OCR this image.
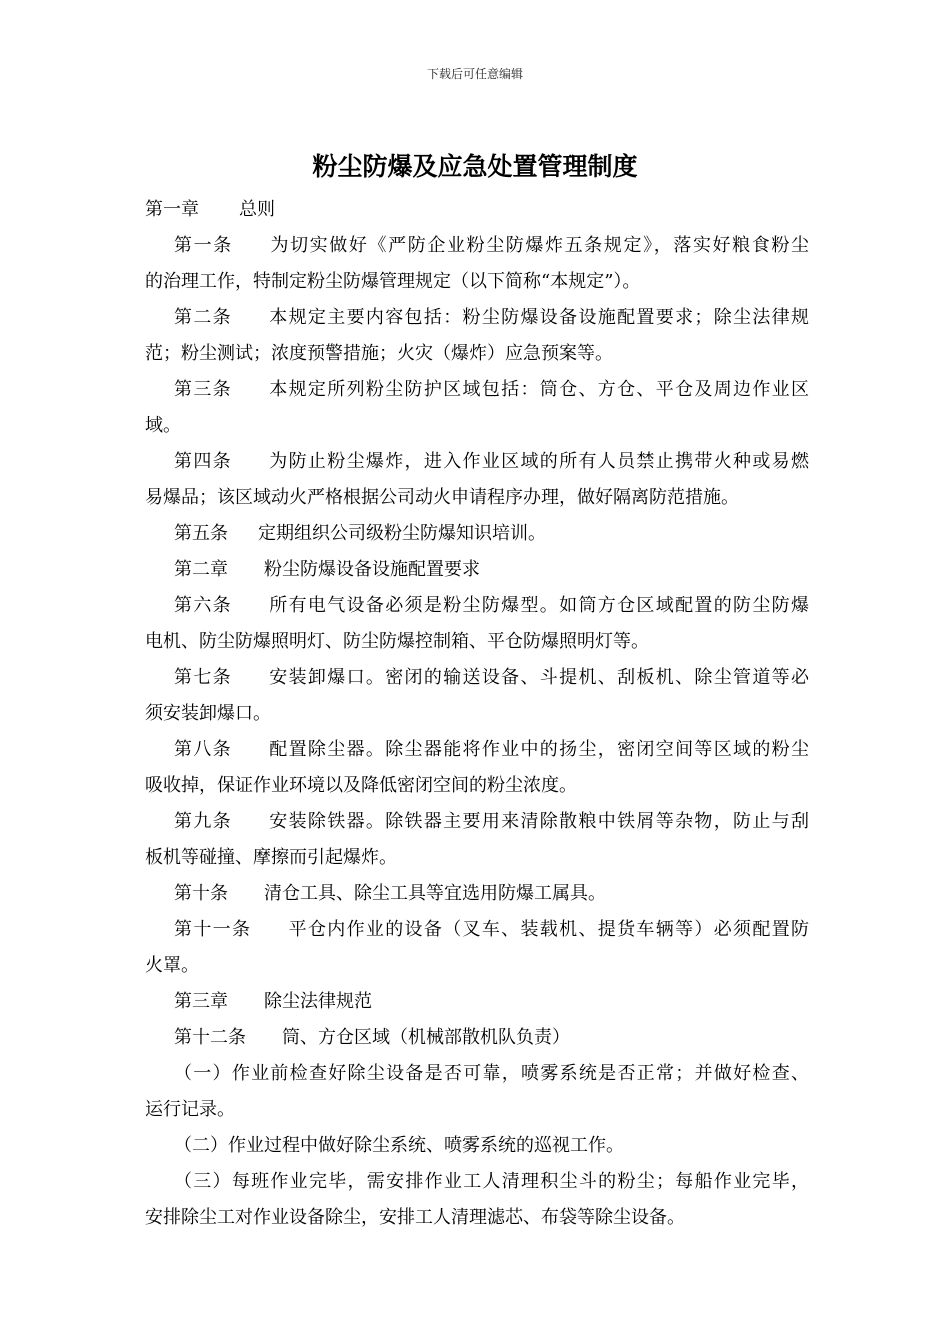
下载后可任意编辑
粉尘防爆及应急处置管理制度
第一章 总则
第一条 为切实做好《严防企业粉尘防爆炸五条规定》，落实好粮食粉尘
的治理工作，特制定粉尘防爆管理规定（以下简称“本规定”）。
第二条 本规定主要内容包括：粉尘防爆设备设施配置要求；除尘法律规
范；粉尘测试；浓度预警措施；火灾（爆炸）应急预案等。
第三条 本规定所列粉尘防护区域包括：筒仓、方仓、平仓及周边作业区
域。
第四条 为防止粉尘爆炸，进入作业区域的所有人员禁止携带火种或易燃
易爆品；该区域动火严格根据公司动火申请程序办理，做好隔离防范措施。
第五条 定期组织公司级粉尘防爆知识培训。
第二章 粉尘防爆设备设施配置要求
第六条 所有电气设备必须是粉尘防爆型。如筒方仓区域配置的防尘防爆
电机、防尘防爆照明灯、防尘防爆控制箱、平仓防爆照明灯等。
第七条 安装卸爆口。密闭的输送设备、斗提机、刮板机、除尘管道等必
须安装卸爆口。
第八条 配置除尘器。除尘器能将作业中的扬尘，密闭空间等区域的粉尘
吸收掉，保证作业环境以及降低密闭空间的粉尘浓度。
第九条 安装除铁器。除铁器主要用来清除散粮中铁屑等杂物，防止与刮
板机等碰撞、摩擦而引起爆炸。
第十条 清仓工具、除尘工具等宜选用防爆工属具。
第十一条 平仓内作业的设备（叉车、装载机、提货车辆等）必须配置防
火罩。
第三章 除尘法律规范
第十二条 筒、方仓区域（机械部散机队负责）
（一）作业前检查好除尘设备是否可靠，喷雾系统是否正常；并做好检查、
运行记录。
（二）作业过程中做好除尘系统、喷雾系统的巡视工作。
（三）每班作业完毕，需安排作业工人清理积尘斗的粉尘；每船作业完毕，
安排除尘工对作业设备除尘，安排工人清理滤芯、布袋等除尘设备。
